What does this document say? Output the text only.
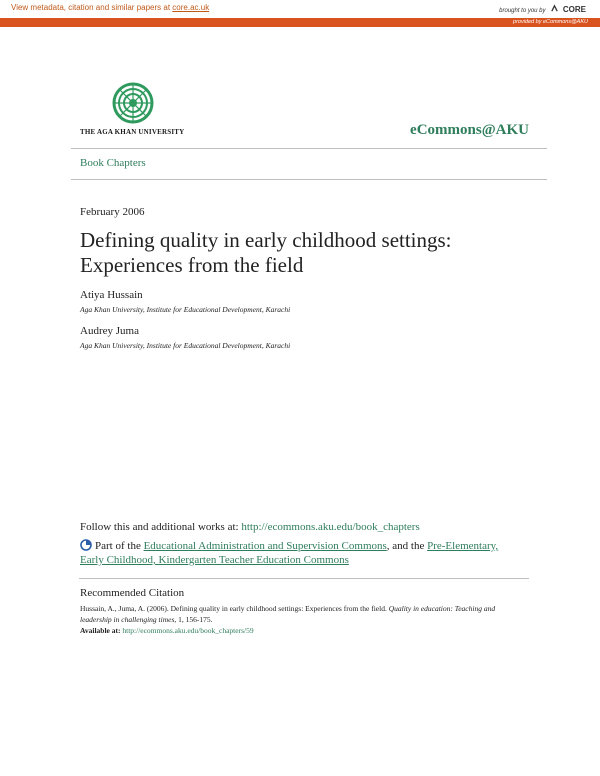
View metadata, citation and similar papers at core.ac.uk	brought to you by CORE
provided by eCommons@AKU
THE AGA KHAN UNIVERSITY	eCommons@AKU
Book Chapters
February 2006
Defining quality in early childhood settings:
Experiences from the field
Atiya Hussain
Aga Khan University, Institute for Educational Development, Karachi
Audrey Juma
Aga Khan University, Institute for Educational Development, Karachi
Follow this and additional works at: http://ecommons.aku.edu/book_chapters
Part of the Educational Administration and Supervision Commons, and the Pre-Elementary, Early Childhood, Kindergarten Teacher Education Commons
Recommended Citation
Hussain, A., Juma, A. (2006). Defining quality in early childhood settings: Experiences from the field. Quality in education: Teaching and leadership in challenging times, 1, 156-175.
Available at: http://ecommons.aku.edu/book_chapters/59
